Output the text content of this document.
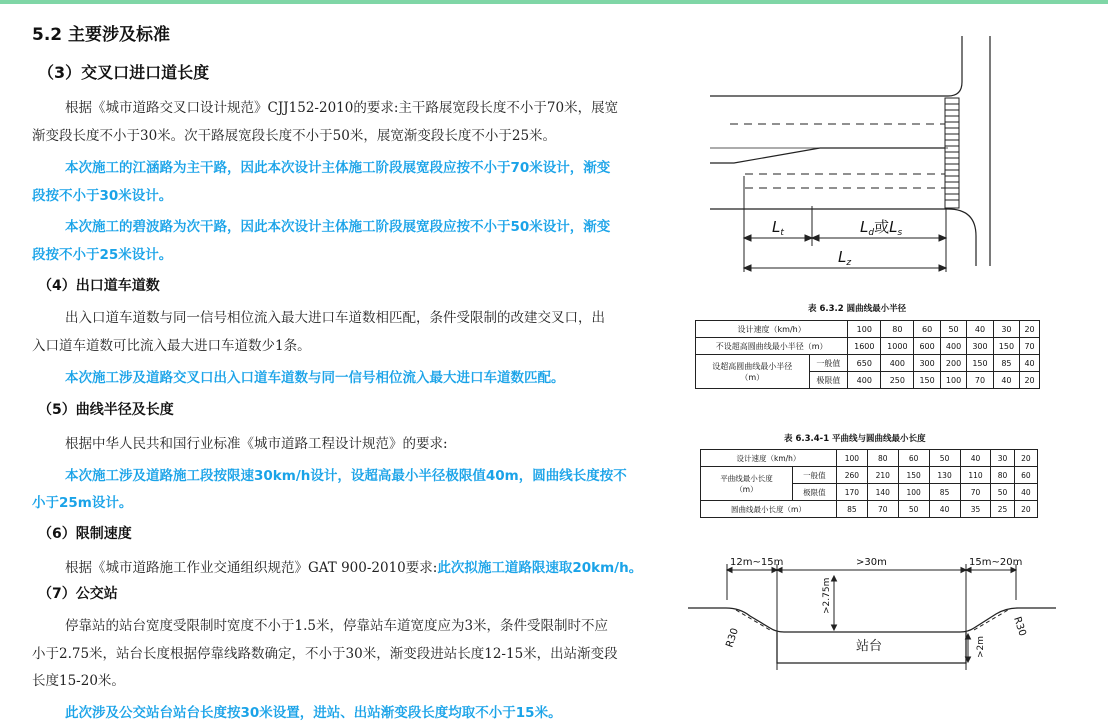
5.2 主要涉及标准
（3）交叉口进口道长度
根据《城市道路交叉口设计规范》CJJ152-2010的要求:主干路展宽段长度不小于70米，展宽
渐变段长度不小于30米。次干路展宽段长度不小于50米，展宽渐变段长度不小于25米。
本次施工的江涵路为主干路，因此本次设计主体施工阶段展宽段应按不小于70米设计，渐变
段按不小于30米设计。
本次施工的碧波路为次干路，因此本次设计主体施工阶段展宽段应按不小于50米设计，渐变
段按不小于25米设计。
（4）出口道车道数
出入口道车道数与同一信号相位流入最大进口车道数相匹配，条件受限制的改建交叉口，出
入口道车道数可比流入最大进口车道数少1条。
本次施工涉及道路交叉口出入口道车道数与同一信号相位流入最大进口车道数匹配。
（5）曲线半径及长度
根据中华人民共和国行业标准《城市道路工程设计规范》的要求:
本次施工涉及道路施工段按限速30km/h设计，设超高最小半径极限值40m，圆曲线长度按不
小于25m设计。
（6）限制速度
根据《城市道路施工作业交通组织规范》GAT 900-2010要求:此次拟施工道路限速取20km/h。
（7）公交站
停靠站的站台宽度受限制时宽度不小于1.5米，停靠站车道宽度应为3米，条件受限制时不应
小于2.75米，站台长度根据停靠线路数确定，不小于30米，渐变段进站长度12-15米，出站渐变段
长度15-20米。
此次涉及公交站台站台长度按30米设置，进站、出站渐变段长度均取不小于15米。
$L_t$	$L_d$或$L_s$
$L_z$
表 6.3.2 圆曲线最小半径
设计速度（km/h）		100	80	60	50	40	30	20
不设超高圆曲线最小半径（m）		1600	1000	600	400	300	150	70

设超高圆曲线最小半径
（m）	一般值	650	400	300	200	150	85	40
	极限值	400	250	150	100	70	40	20
表 6.3.4-1 平曲线与圆曲线最小长度
设计速度（km/h）		100	80	60	50	40	30	20

平曲线最小长度
（m）	一般值	260	210	150	130	110	80	60
	极限值	170	140	100	85	70	50	40
圆曲线最小长度（m）		85	70	50	40	35	25	20
12m~15m	>30m	15m~20m
>2.75m
>2m
R30
R30
站台
